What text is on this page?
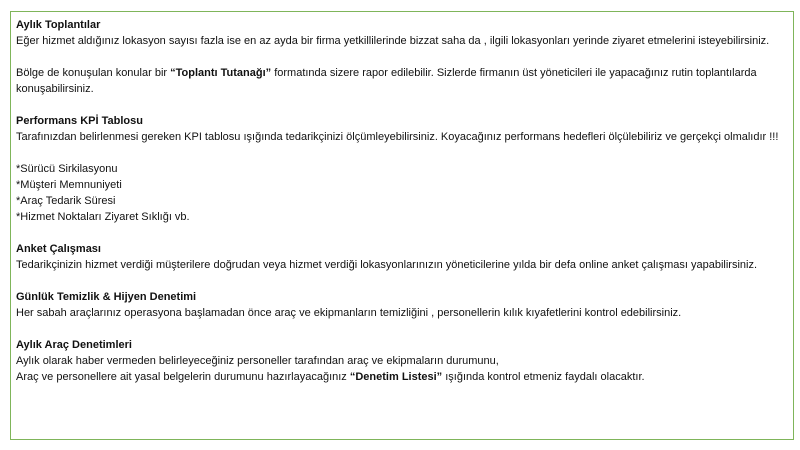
Aylık Toplantılar
Eğer hizmet aldığınız lokasyon sayısı fazla ise en az ayda bir firma yetkillilerinde bizzat saha da , ilgili lokasyonları yerinde ziyaret etmelerini isteyebilirsiniz.
Bölge de konuşulan konular bir “Toplantı Tutanağı” formatında sizere rapor edilebilir. Sizlerde firmanın üst yöneticileri ile yapacağınız rutin toplantılarda konuşabilirsiniz.
Performans KPİ Tablosu
Tarafınızdan belirlenmesi gereken KPI tablosu ışığında tedarikçinizi ölçümleyebilirsiniz. Koyacağınız performans hedefleri ölçülebiliriz ve gerçekçi olmalıdır !!!
*Sürücü Sirkilasyonu
*Müşteri Memnuniyeti
*Araç Tedarik Süresi
*Hizmet Noktaları Ziyaret Sıklığı vb.
Anket Çalışması
Tedarikçinizin hizmet verdiği müşterilere doğrudan veya hizmet verdiği lokasyonlarınızın yöneticilerine yılda bir defa online anket çalışması yapabilirsiniz.
Günlük Temizlik & Hijyen Denetimi
Her sabah araçlarınız operasyona başlamadan önce araç ve ekipmanların temizliğini , personellerin kılık kıyafetlerini kontrol edebilirsiniz.
Aylık Araç Denetimleri
Aylık olarak haber vermeden belirleyeceğiniz personeller tarafından araç ve ekipmaların durumunu,
Araç ve personellere ait yasal belgelerin durumunu hazırlayacağınız “Denetim Listesi” ışığında kontrol etmeniz faydalı olacaktır.
